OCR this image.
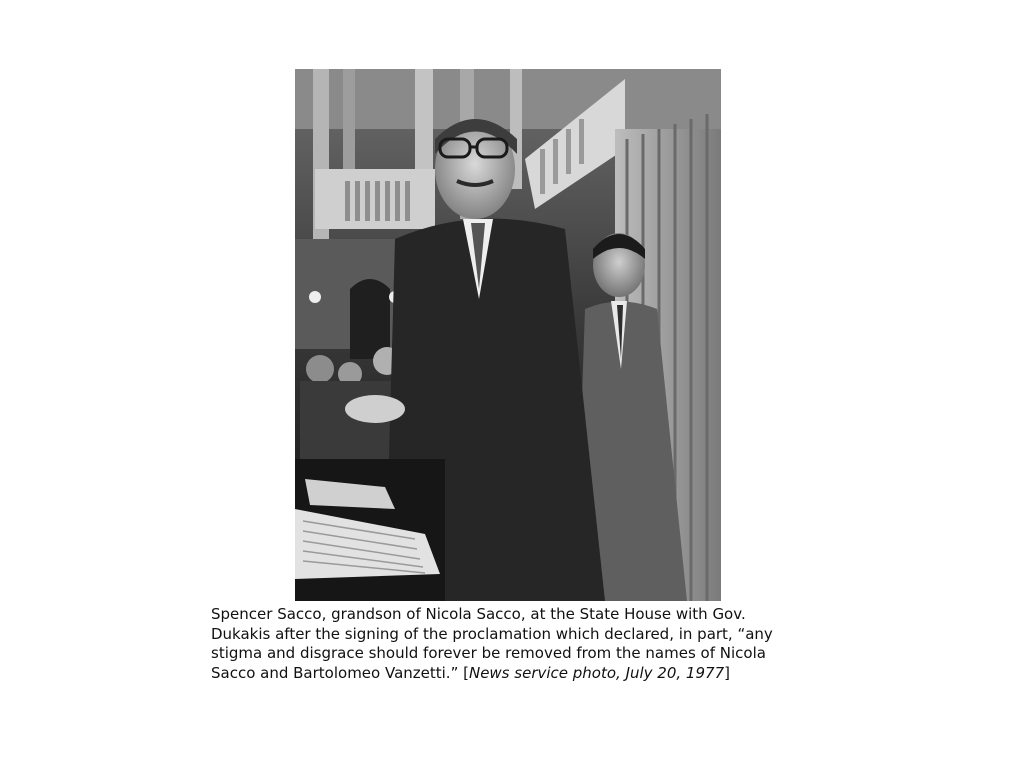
Spencer Sacco, grandson of Nicola Sacco, at the State House with Gov.
Dukakis after the signing of the proclamation which declared, in part, “any
stigma and disgrace should forever be removed from the names of Nicola
Sacco and Bartolomeo Vanzetti.” [News service photo, July 20, 1977]
